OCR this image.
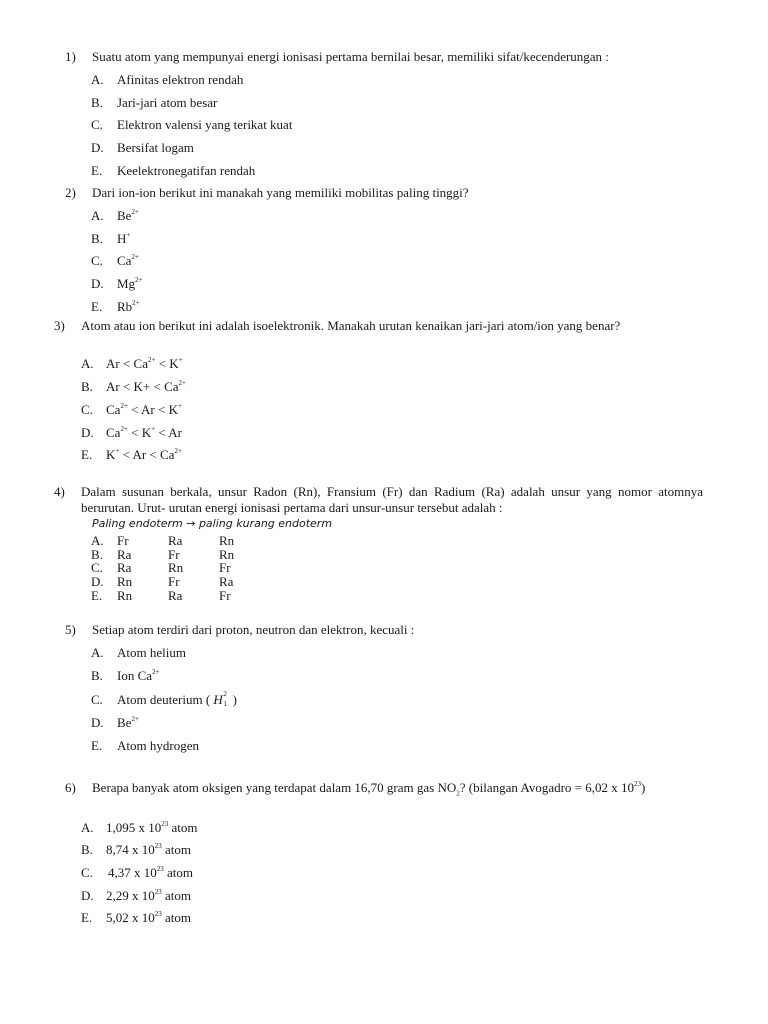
1) Suatu atom yang mempunyai energi ionisasi pertama bernilai besar, memiliki sifat/kecenderungan :
A. Afinitas elektron rendah
B. Jari-jari atom besar
C. Elektron valensi yang terikat kuat
D. Bersifat logam
E. Keelektronegatifan rendah
2) Dari ion-ion berikut ini manakah yang memiliki mobilitas paling tinggi?
A. $Be^{2+}$
B. H+
C. $Ca^{2+}$
D. $Mg^{2+}$
E. $Rb^{2+}$
3) Atom atau ion berikut ini adalah isoelektronik. Manakah urutan kenaikan jari-jari atom/ion yang benar?
A. $Ar < Ca^{2+} < K^+$
B. $Ar < K+ < Ca^{2+}$
C. $Ca^{2+} < Ar < K^+$
D. $Ca^{2+} < K^+ < Ar$
E. $K^+ < Ar < Ca^{2+}$
4) Dalam susunan berkala, unsur Radon (Rn), Fransium (Fr) dan Radium (Ra) adalah unsur yang nomor atomnya berurutan. Urut- urutan energi ionisasi pertama dari unsur-unsur tersebut adalah :
Paling endoterm → paling kurang endoterm
A. Fr	Ra	Rn
B. Ra	Fr	Rn
C. Ra	Rn	Fr
D. Rn	Fr	Ra
E. Rn	Ra	Fr
5) Setiap atom terdiri dari proton, neutron dan elektron, kecuali :
A. Atom helium
B. Ion $Ca^{2+}$
C. Atom deuterium ( H 2
1 )
D. $Be^{2+}$
E. Atom hydrogen
6) Berapa banyak atom oksigen yang terdapat dalam 16,70 gram gas $NO_2$? (bilangan Avogadro = 6,02 x $10^{23}$)
A. 1,095 x $10^{23}$ atom
B. 8,74 x $10^{23}$ atom
C. 4,37 x $10^{23}$ atom
D. 2,29 x $10^{23}$ atom
E. 5,02 x $10^{23}$ atom
